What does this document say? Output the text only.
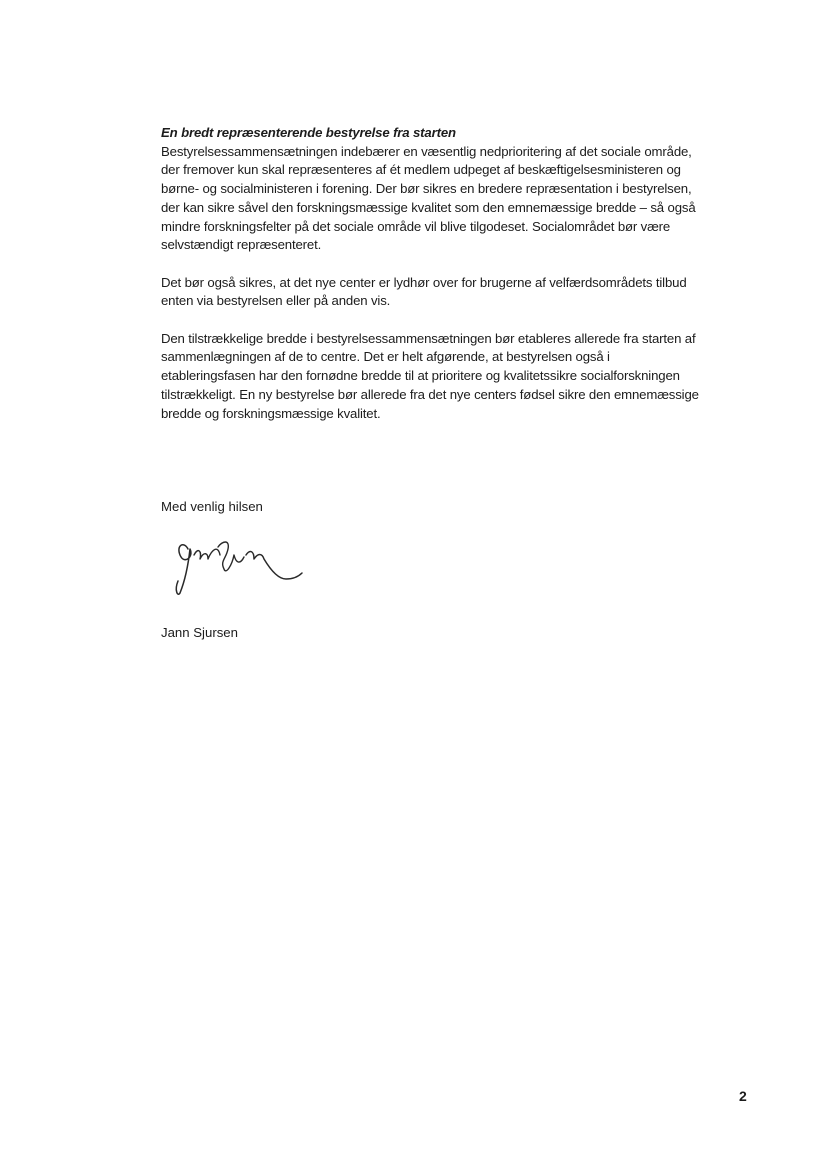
En bredt repræsenterende bestyrelse fra starten

Bestyrelsessammensætningen indebærer en væsentlig nedprioritering af det sociale område,
der fremover kun skal repræsenteres af ét medlem udpeget af beskæftigelsesministeren og
børne- og socialministeren i forening. Der bør sikres en bredere repræsentation i bestyrelsen,
der kan sikre såvel den forskningsmæssige kvalitet som den emnemæssige bredde – så også
mindre forskningsfelter på det sociale område vil blive tilgodeset. Socialområdet bør være
selvstændigt repræsenteret.

Det bør også sikres, at det nye center er lydhør over for brugerne af velfærdsområdets tilbud
enten via bestyrelsen eller på anden vis.

Den tilstrækkelige bredde i bestyrelsessammensætningen bør etableres allerede fra starten af
sammenlægningen af de to centre. Det er helt afgørende, at bestyrelsen også i
etableringsfasen har den fornødne bredde til at prioritere og kvalitetssikre socialforskningen
tilstrækkeligt. En ny bestyrelse bør allerede fra det nye centers fødsel sikre den emnemæssige
bredde og forskningsmæssige kvalitet.

Med venlig hilsen
Jann Sjursen
2
